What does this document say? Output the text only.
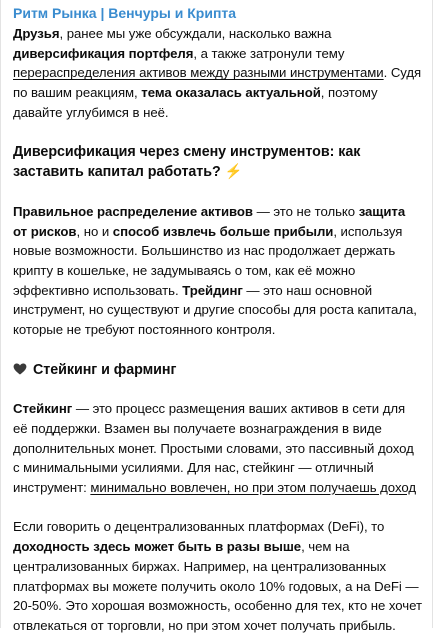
Ритм Рынка | Венчуры и Крипта

Друзья, ранее мы уже обсуждали, насколько важна диверсификация портфеля, а также затронули тему перераспределения активов между разными инструментами. Судя по вашим реакциям, тема оказалась актуальной, поэтому давайте углубимся в неё.

Диверсификация через смену инструментов: как заставить капитал работать? ⚡

Правильное распределение активов — это не только защита от рисков, но и способ извлечь больше прибыли, используя новые возможности. Большинство из нас продолжает держать крипту в кошельке, не задумываясь о том, как её можно эффективно использовать. Трейдинг — это наш основной инструмент, но существуют и другие способы для роста капитала, которые не требуют постоянного контроля.

Стейкинг и фарминг

Стейкинг — это процесс размещения ваших активов в сети для её поддержки. Взамен вы получаете вознаграждения в виде дополнительных монет. Простыми словами, это пассивный доход с минимальными усилиями. Для нас, стейкинг — отличный инструмент: минимально вовлечен, но при этом получаешь доход

Если говорить о децентрализованных платформах (DeFi), то доходность здесь может быть в разы выше, чем на централизованных биржах. Например, на централизованных платформах вы можете получить около 10% годовых, а на DeFi — 20-50%. Это хорошая возможность, особенно для тех, кто не хочет отвлекаться от торговли, но при этом хочет получать прибыль.
